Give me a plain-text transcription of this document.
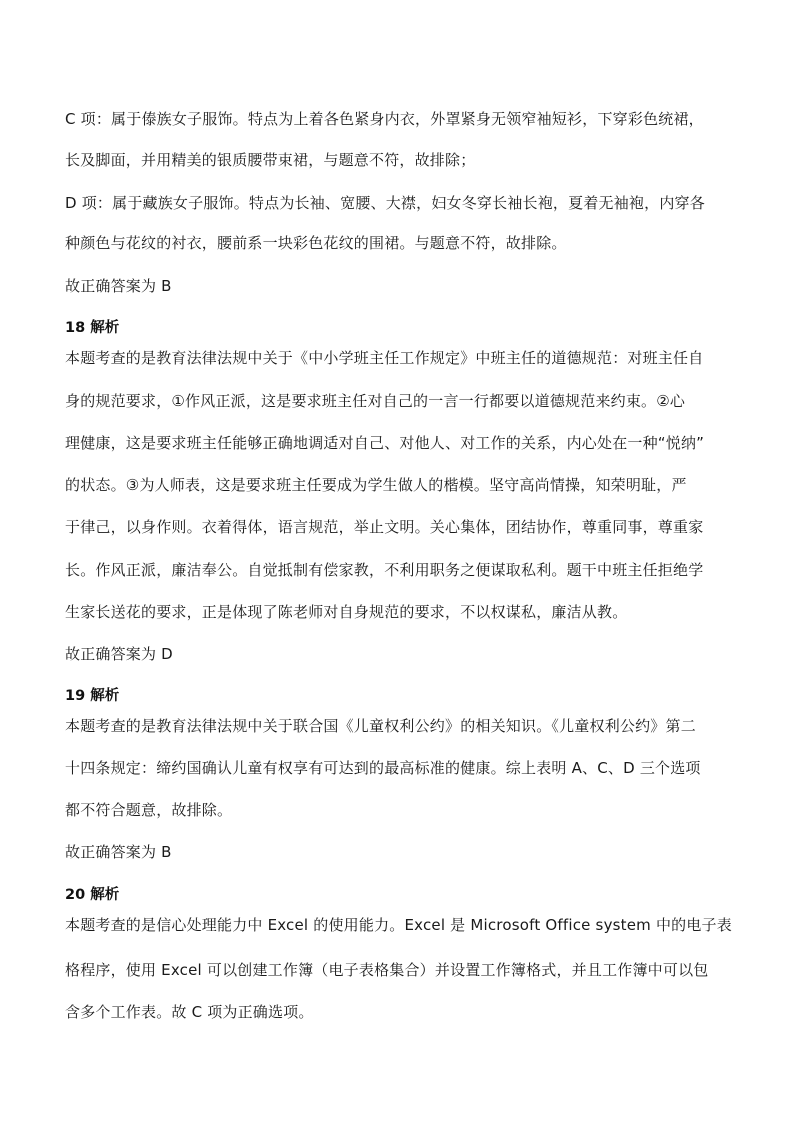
C 项：属于傣族女子服饰。特点为上着各色紧身内衣，外罩紧身无领窄袖短衫，下穿彩色统裙，
长及脚面，并用精美的银质腰带束裙，与题意不符，故排除；
D 项：属于藏族女子服饰。特点为长袖、宽腰、大襟，妇女冬穿长袖长袍，夏着无袖袍，内穿各
种颜色与花纹的衬衣，腰前系一块彩色花纹的围裙。与题意不符，故排除。
故正确答案为 B
18 解析
本题考查的是教育法律法规中关于《中小学班主任工作规定》中班主任的道德规范：对班主任自
身的规范要求，①作风正派，这是要求班主任对自己的一言一行都要以道德规范来约束。②心
理健康，这是要求班主任能够正确地调适对自己、对他人、对工作的关系，内心处在一种“悦纳”
的状态。③为人师表，这是要求班主任要成为学生做人的楷模。坚守高尚情操，知荣明耻，严
于律己，以身作则。衣着得体，语言规范，举止文明。关心集体，团结协作，尊重同事，尊重家
长。作风正派，廉洁奉公。自觉抵制有偿家教，不利用职务之便谋取私利。题干中班主任拒绝学
生家长送花的要求，正是体现了陈老师对自身规范的要求，不以权谋私，廉洁从教。
故正确答案为 D
19 解析
本题考查的是教育法律法规中关于联合国《儿童权利公约》的相关知识。《儿童权利公约》第二
十四条规定：缔约国确认儿童有权享有可达到的最高标准的健康。综上表明 A、C、D 三个选项
都不符合题意，故排除。
故正确答案为 B
20 解析
本题考查的是信心处理能力中 Excel 的使用能力。Excel 是 Microsoft Office system 中的电子表
格程序，使用 Excel 可以创建工作簿（电子表格集合）并设置工作簿格式，并且工作簿中可以包
含多个工作表。故 C 项为正确选项。
